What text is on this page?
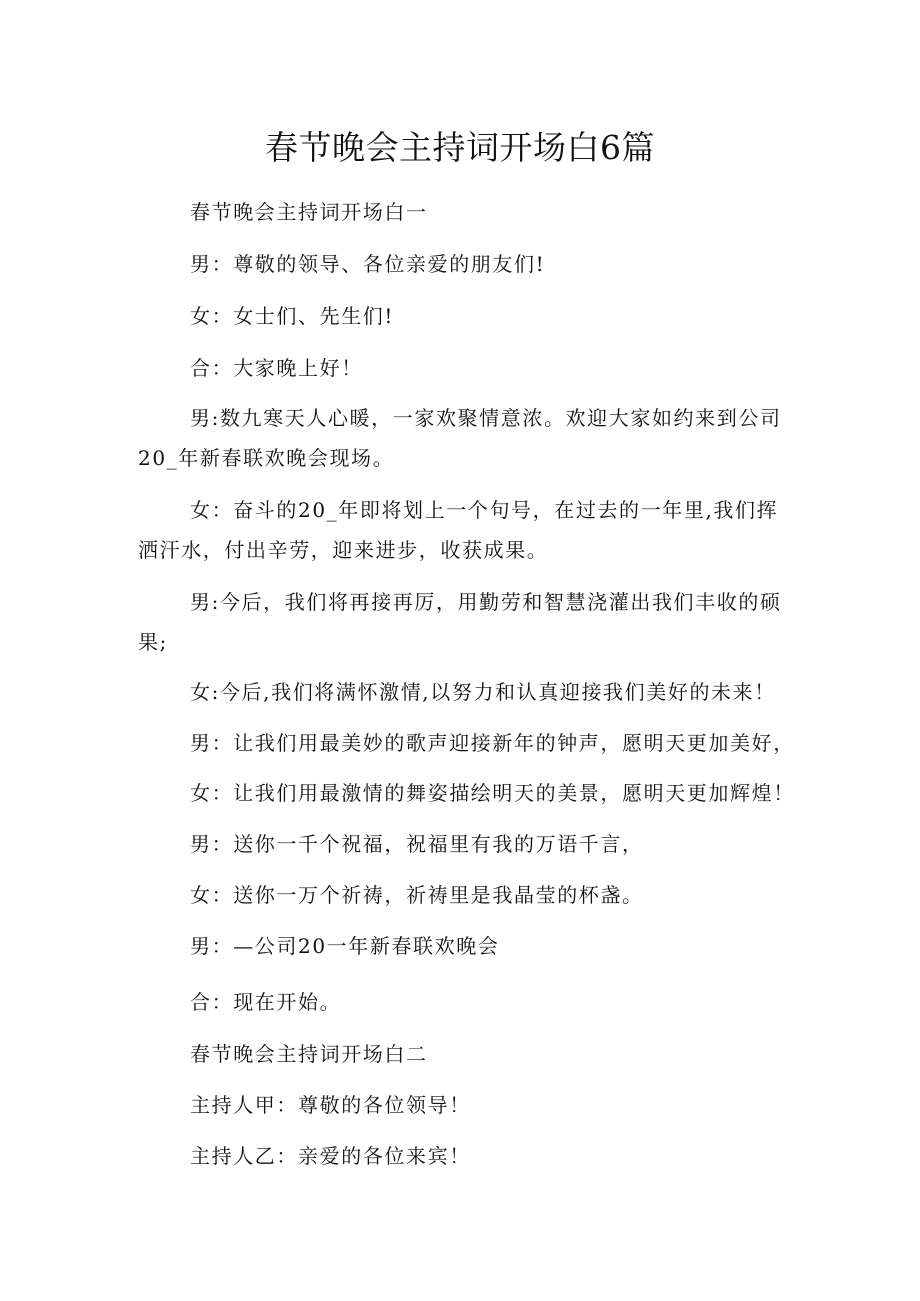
春节晚会主持词开场白6篇
春节晚会主持词开场白一
男：尊敬的领导、各位亲爱的朋友们!
女：女士们、先生们!
合：大家晚上好！
男:数九寒天人心暖，一家欢聚情意浓。欢迎大家如约来到公司20_年新春联欢晚会现场。
女：奋斗的20_年即将划上一个句号，在过去的一年里,我们挥洒汗水，付出辛劳，迎来进步，收获成果。
男:今后，我们将再接再厉，用勤劳和智慧浇灌出我们丰收的硕果;
女:今后,我们将满怀激情,以努力和认真迎接我们美好的未来！
男：让我们用最美妙的歌声迎接新年的钟声，愿明天更加美好，
女：让我们用最激情的舞姿描绘明天的美景，愿明天更加辉煌！
男：送你一千个祝福，祝福里有我的万语千言，
女：送你一万个祈祷，祈祷里是我晶莹的杯盏。
男：—公司20一年新春联欢晚会
合：现在开始。
春节晚会主持词开场白二
主持人甲：尊敬的各位领导！
主持人乙：亲爱的各位来宾！
